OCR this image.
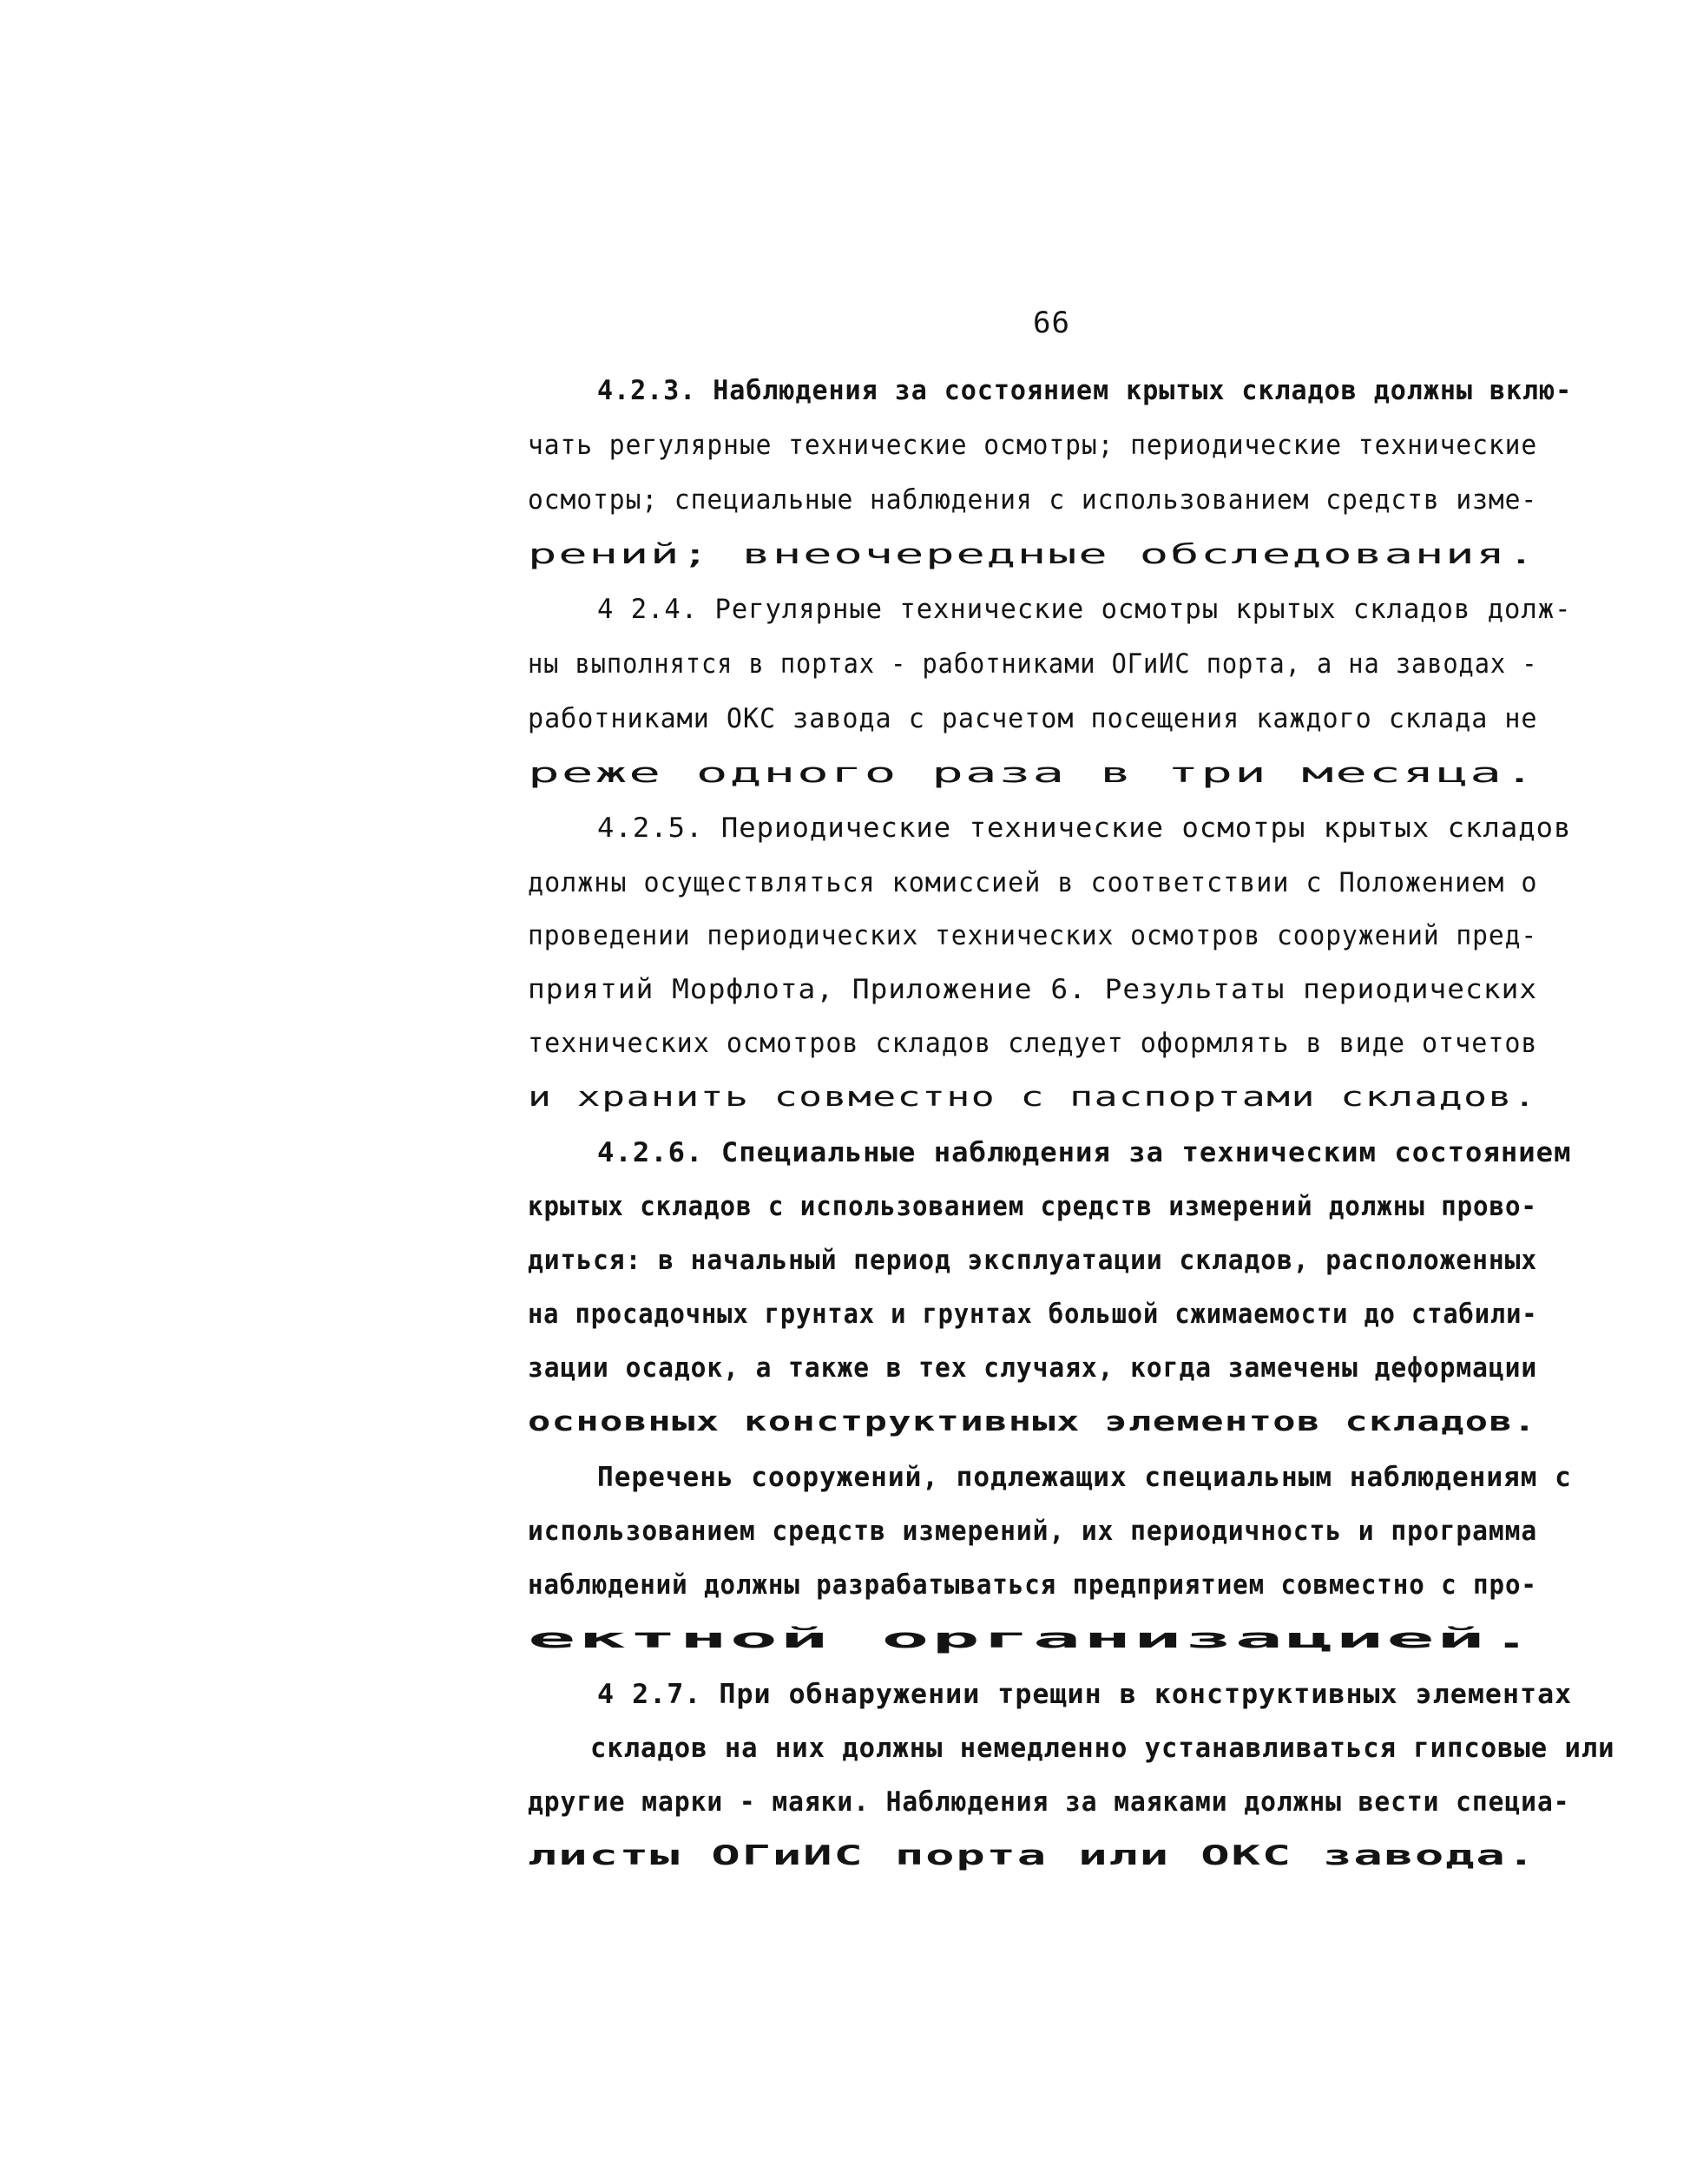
66
4.2.3. Наблюдения за состоянием крытых складов должны вклю-
чать регулярные технические осмотры; периодические технические
осмотры; специальные наблюдения с использованием средств изме-
рений; внеочередные обследования.
4 2.4. Регулярные технические осмотры крытых складов долж-
ны выполнятся в портах - работниками ОГиИС порта, а на заводах -
работниками ОКС завода с расчетом посещения каждого склада не
реже одного раза в три месяца.
4.2.5. Периодические технические осмотры крытых складов
должны осуществляться комиссией в соответствии с Положением о
проведении периодических технических осмотров сооружений пред-
приятий Морфлота, Приложение 6. Результаты периодических
технических осмотров складов следует оформлять в виде отчетов
и хранить совместно с паспортами складов.
4.2.6. Специальные наблюдения за техническим состоянием
крытых складов с использованием средств измерений должны прово-
диться: в начальный период эксплуатации складов, расположенных
на просадочных грунтах и грунтах большой сжимаемости до стабили-
зации осадок, а также в тех случаях, когда замечены деформации
основных конструктивных элементов складов.
Перечень сооружений, подлежащих специальным наблюдениям с
использованием средств измерений, их периодичность и программа
наблюдений должны разрабатываться предприятием совместно с про-
ектной организацией.
4 2.7. При обнаружении трещин в конструктивных элементах
складов на них должны немедленно устанавливаться гипсовые или
другие марки - маяки. Наблюдения за маяками должны вести специа-
листы ОГиИС порта или ОКС завода.
